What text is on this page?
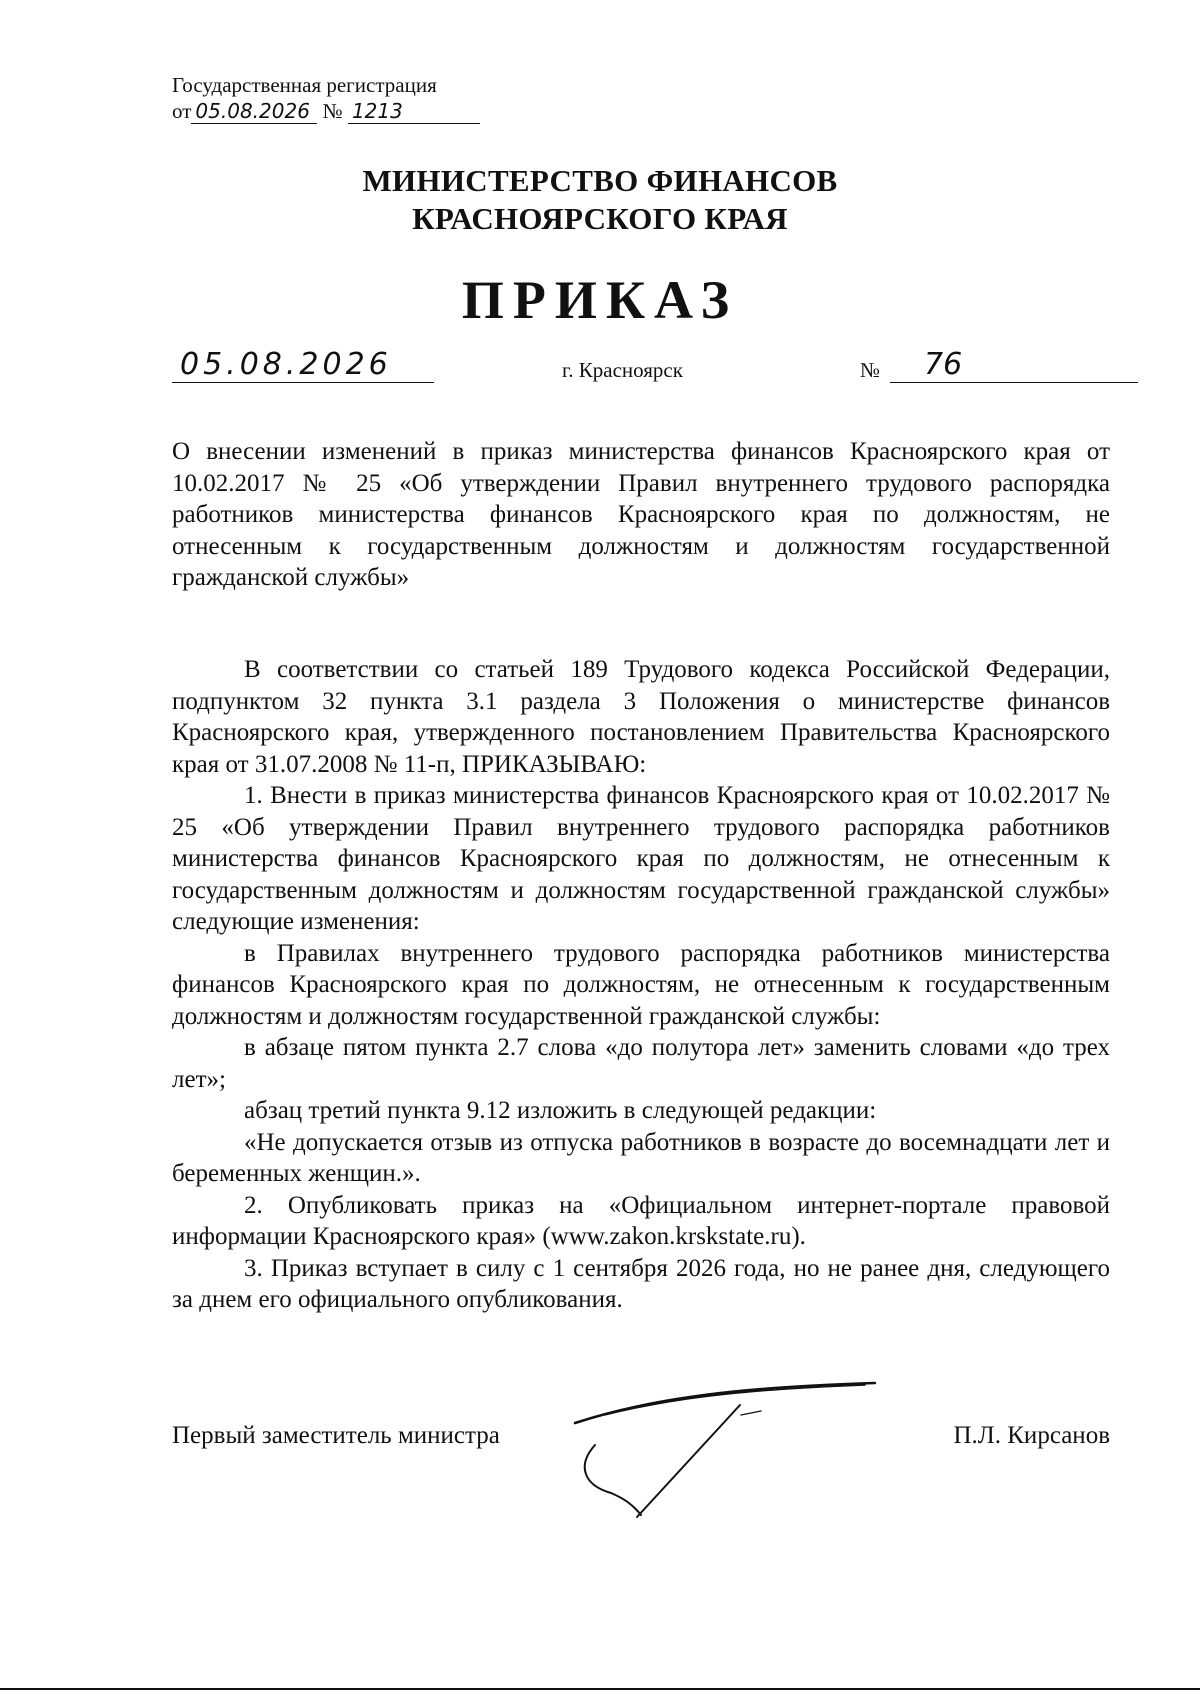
Государственная регистрация
от 05.08.2026 № 1213
МИНИСТЕРСТВО ФИНАНСОВ
КРАСНОЯРСКОГО КРАЯ
ПРИКАЗ
05.08.2026	г. Красноярск	№	76
О внесении изменений в приказ министерства финансов Красноярского края от 10.02.2017 № 25 «Об утверждении Правил внутреннего трудового распорядка работников министерства финансов Красноярского края по должностям, не отнесенным к государственным должностям и должностям государственной гражданской службы»

В соответствии со статьей 189 Трудового кодекса Российской Федерации, подпунктом 32 пункта 3.1 раздела 3 Положения о министерстве финансов Красноярского края, утвержденного постановлением Правительства Красноярского края от 31.07.2008 № 11-п, ПРИКАЗЫВАЮ:

1. Внести в приказ министерства финансов Красноярского края от 10.02.2017 № 25 «Об утверждении Правил внутреннего трудового распорядка работников министерства финансов Красноярского края по должностям, не отнесенным к государственным должностям и должностям государственной гражданской службы» следующие изменения:

в Правилах внутреннего трудового распорядка работников министерства финансов Красноярского края по должностям, не отнесенным к государственным должностям и должностям государственной гражданской службы:

в абзаце пятом пункта 2.7 слова «до полутора лет» заменить словами «до трех лет»;

абзац третий пункта 9.12 изложить в следующей редакции:

«Не допускается отзыв из отпуска работников в возрасте до восемнадцати лет и беременных женщин.».

2. Опубликовать приказ на «Официальном интернет-портале правовой информации Красноярского края» (www.zakon.krskstate.ru).

3. Приказ вступает в силу с 1 сентября 2026 года, но не ранее дня, следующего за днем его официального опубликования.

Первый заместитель министра	П.Л. Кирсанов
